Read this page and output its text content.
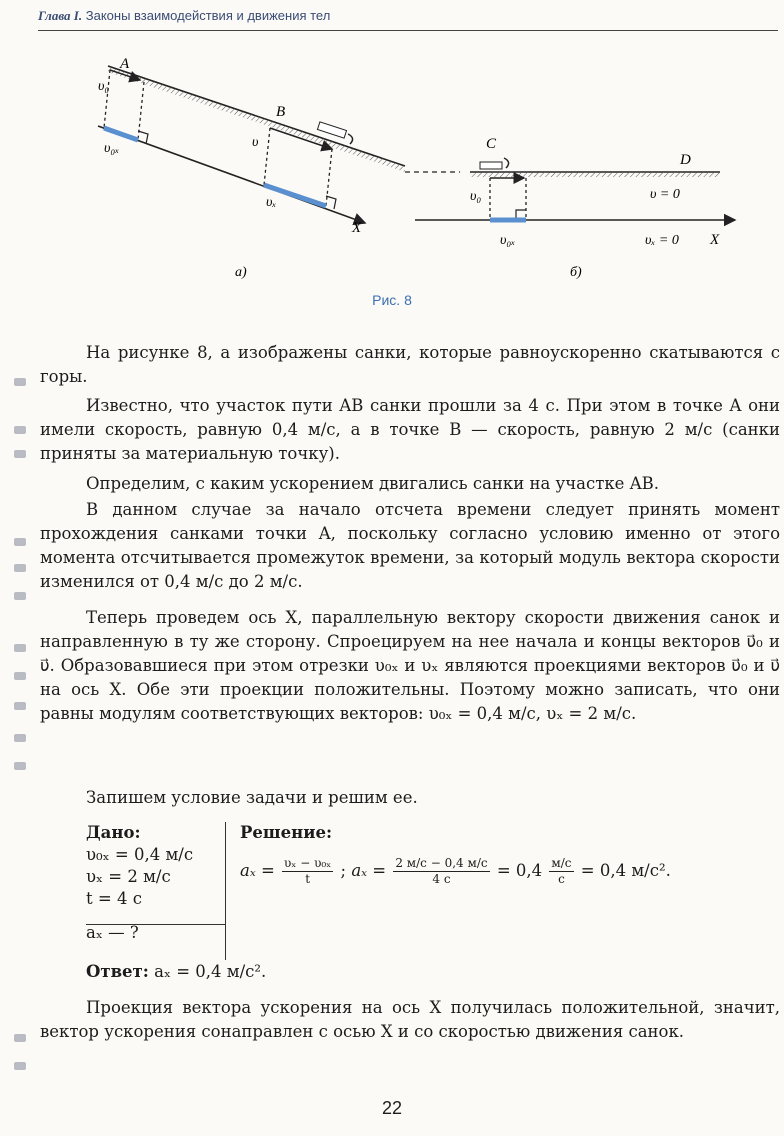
Глава I. Законы взаимодействия и движения тел
A
B
υ₀
υ
υ₀ₓ
υₓ
X
а)
C
D
υ₀	υ = 0
υ₀ₓ	υₓ = 0 X
б)
Рис. 8

На рисунке 8, а изображены санки, которые равноускоренно скатываются с горы.

Известно, что участок пути AB санки прошли за 4 с. При этом в точке A они имели скорость, равную 0,4 м/с, а в точке B — скорость, равную 2 м/с (санки приняты за материальную точку).

Определим, с каким ускорением двигались санки на участке AB.

В данном случае за начало отсчета времени следует принять момент прохождения санками точки A, поскольку согласно условию именно от этого момента отсчитывается промежуток времени, за который модуль вектора скорости изменился от 0,4 м/с до 2 м/с.

Теперь проведем ось X, параллельную вектору скорости движения санок и направленную в ту же сторону. Спроецируем на нее начала и концы векторов υ⃗₀ и υ⃗. Образовавшиеся при этом отрезки υ₀ₓ и υₓ являются проекциями векторов υ⃗₀ и υ⃗ на ось X. Обе эти проекции положительны. Поэтому можно записать, что они равны модулям соответствующих векторов: υ₀ₓ = 0,4 м/с, υₓ = 2 м/с.

Запишем условие задачи и решим ее.

Дано:
υ₀ₓ = 0,4 м/с
υₓ = 2 м/с
t = 4 с
aₓ — ?
Решение:
$a_x = \frac{\text{υₓ − υ₀ₓ}}{t}$ ; $a_x = \frac{2 м/с - 0,4 м/с}{4 с} = 0,4 \frac{м/с}{с} = 0,4$ м/с².
Ответ: aₓ = 0,4 м/с².

Проекция вектора ускорения на ось X получилась положительной, значит, вектор ускорения сонаправлен с осью X и со скоростью движения санок.

22
